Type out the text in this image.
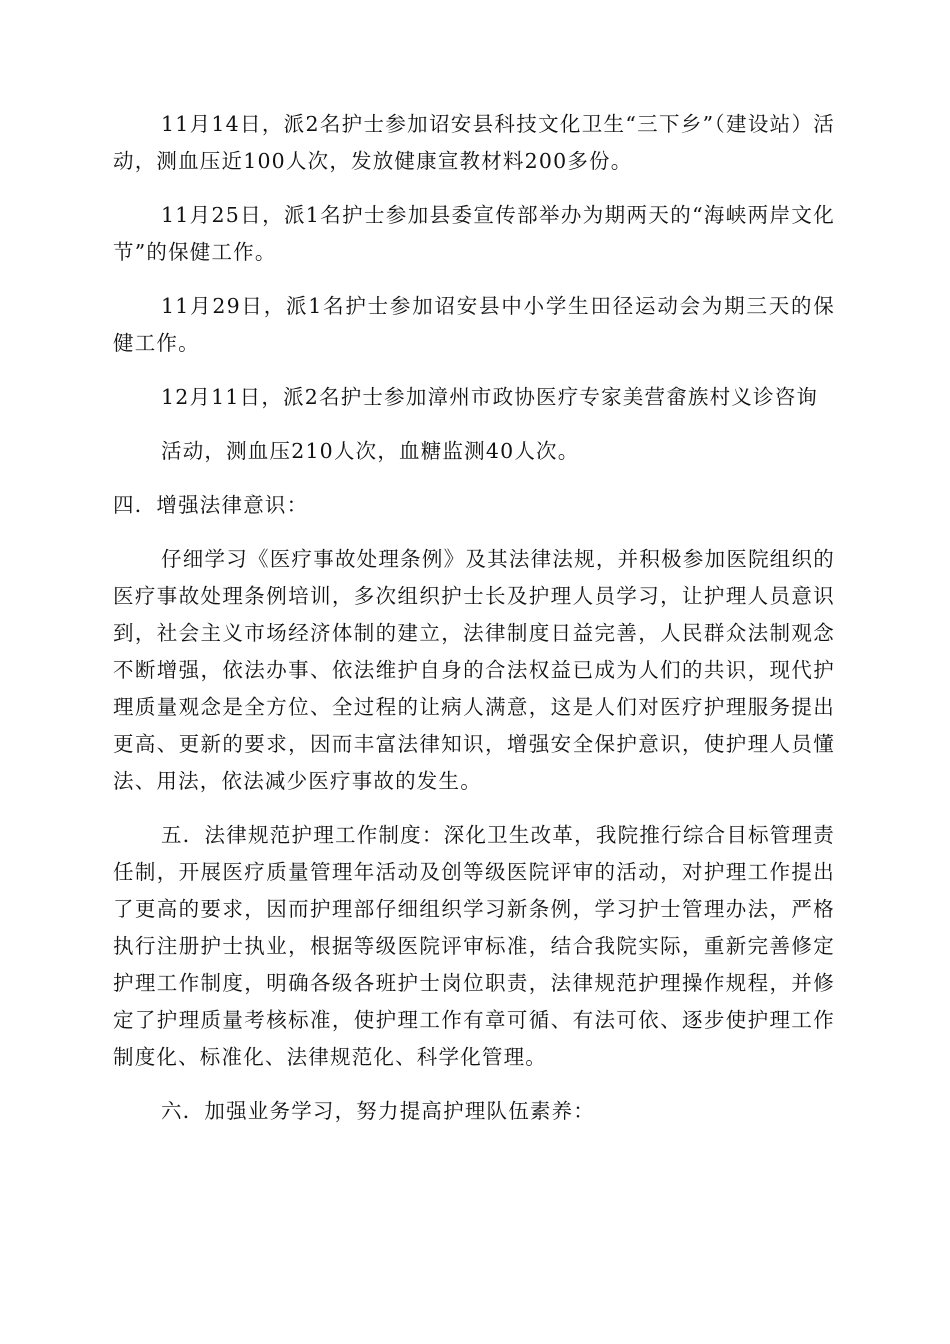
11月14日，派2名护士参加诏安县科技文化卫生“三下乡”（建设站）活动，测血压近100人次，发放健康宣教材料200多份。

11月25日，派1名护士参加县委宣传部举办为期两天的“海峡两岸文化节”的保健工作。

11月29日，派1名护士参加诏安县中小学生田径运动会为期三天的保健工作。

12月11日，派2名护士参加漳州市政协医疗专家美营畲族村义诊咨询

活动，测血压210人次，血糖监测40人次。

四．增强法律意识：

仔细学习《医疗事故处理条例》及其法律法规，并积极参加医院组织的医疗事故处理条例培训，多次组织护士长及护理人员学习，让护理人员意识到，社会主义市场经济体制的建立，法律制度日益完善，人民群众法制观念不断增强，依法办事、依法维护自身的合法权益已成为人们的共识，现代护理质量观念是全方位、全过程的让病人满意，这是人们对医疗护理服务提出更高、更新的要求，因而丰富法律知识，增强安全保护意识，使护理人员懂法、用法，依法减少医疗事故的发生。

五．法律规范护理工作制度：深化卫生改革，我院推行综合目标管理责任制，开展医疗质量管理年活动及创等级医院评审的活动，对护理工作提出了更高的要求，因而护理部仔细组织学习新条例，学习护士管理办法，严格执行注册护士执业，根据等级医院评审标准，结合我院实际，重新完善修定护理工作制度，明确各级各班护士岗位职责，法律规范护理操作规程，并修定了护理质量考核标准，使护理工作有章可循、有法可依、逐步使护理工作制度化、标准化、法律规范化、科学化管理。

六．加强业务学习，努力提高护理队伍素养：
